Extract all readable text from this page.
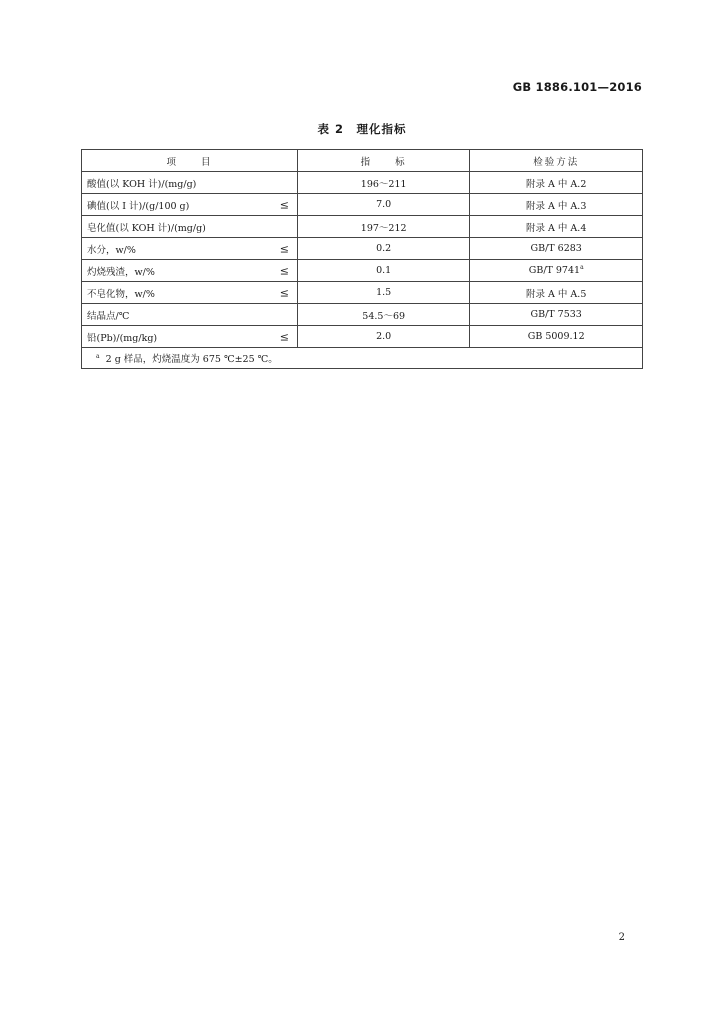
GB 1886.101—2016
表 2　理化指标
项　　目	指　　标	检验方法
酸值(以 KOH 计)/(mg/g)	196～211	附录 A 中 A.2
碘值(以 I 计)/(g/100 g) ≤	7.0	附录 A 中 A.3
皂化值(以 KOH 计)/(mg/g)	197～212	附录 A 中 A.4
水分，w/% ≤	0.2	GB/T 6283
灼烧残渣，w/% ≤	0.1	GB/T 9741$^a$
不皂化物，w/% ≤	1.5	附录 A 中 A.5
结晶点/℃	54.5～69	GB/T 7533
铅(Pb)/(mg/kg) ≤	2.0	GB 5009.12
$^a$ 2 g 样品，灼烧温度为 675 ℃±25 ℃。		
2
